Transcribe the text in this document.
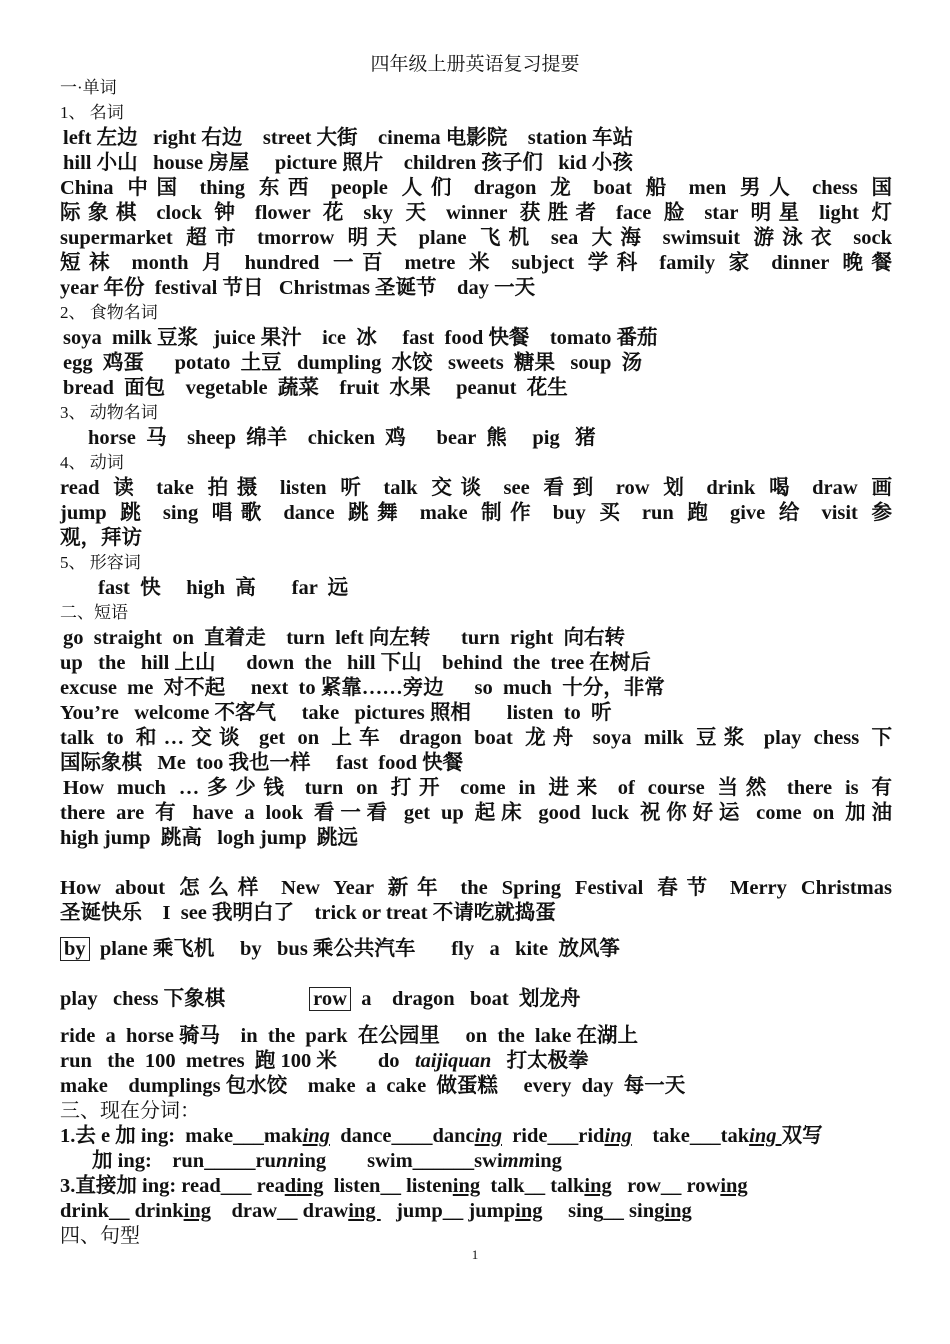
四年级上册英语复习提要
一·单词
1、 名词
left 左边   right 右边    street 大街    cinema 电影院    station 车站
hill 小山   house 房屋     picture 照片    children 孩子们   kid 小孩
China 中国 thing 东西 people 人们 dragon 龙 boat 船 men 男人 chess 国
际象棋 clock 钟 flower 花 sky 天 winner 获胜者 face 脸 star 明星 light 灯
supermarket 超市 tmorrow 明天 plane 飞机 sea 大海 swimsuit 游泳衣 sock
短袜 month 月 hundred 一百 metre 米 subject 学科 family 家 dinner 晚餐
year 年份  festival 节日   Christmas 圣诞节    day 一天
2、 食物名词
soya  milk 豆浆   juice 果汁    ice  冰     fast  food 快餐    tomato 番茄
egg  鸡蛋      potato  土豆   dumpling  水饺   sweets  糖果   soup  汤
bread  面包    vegetable  蔬菜    fruit  水果     peanut  花生
3、 动物名词
horse  马    sheep  绵羊    chicken  鸡      bear  熊     pig   猪
4、 动词
read 读 take 拍摄 listen 听 talk 交谈 see 看到 row 划 drink 喝 draw 画
jump 跳 sing 唱歌 dance 跳舞 make 制作 buy 买 run 跑 give 给 visit 参
观，拜访
5、 形容词
fast  快     high  高       far  远
二、短语
go  straight  on  直着走    turn  left 向左转      turn  right  向右转
up   the   hill 上山      down  the   hill 下山    behind  the  tree 在树后
excuse  me  对不起     next  to 紧靠……旁边      so  much  十分，非常
You’re   welcome 不客气     take   pictures 照相       listen  to  听
talk to 和…交谈 get on 上车 dragon boat 龙舟 soya milk 豆浆 play chess 下
国际象棋   Me  too 我也一样     fast  food 快餐
How much …多少钱 turn on 打开 come in 进来 of course 当然 there is 有
there are 有 have a look 看一看 get up 起床 good luck 祝你好运 come on 加油
high jump  跳高   logh jump  跳远
How about 怎么样 New Year 新年 the Spring Festival 春节 Merry Christmas
圣诞快乐    I  see 我明白了    trick or treat 不请吃就捣蛋
by  plane 乘飞机     by   bus 乘公共汽车       fly   a   kite  放风筝
play   chess 下象棋	row  a    dragon   boat  划龙舟
ride  a  horse 骑马    in  the  park  在公园里     on  the  lake 在湖上
run   the  100  metres  跑 100 米        do   taijiquan   打太极拳
make    dumplings 包水饺    make  a  cake  做蛋糕     every  day  每一天
三、现在分词：
1.去 e 加 ing:  make___making  dance____dancing  ride___riding    take___taking 双写
加 ing:    run_____running        swim______swimming
3.直接加 ing: read___ reading  listen__ listening  talk__ talking   row__ rowing
drink__ drinking    draw__ drawing    jump__ jumping     sing__ singing
四、句型
1
